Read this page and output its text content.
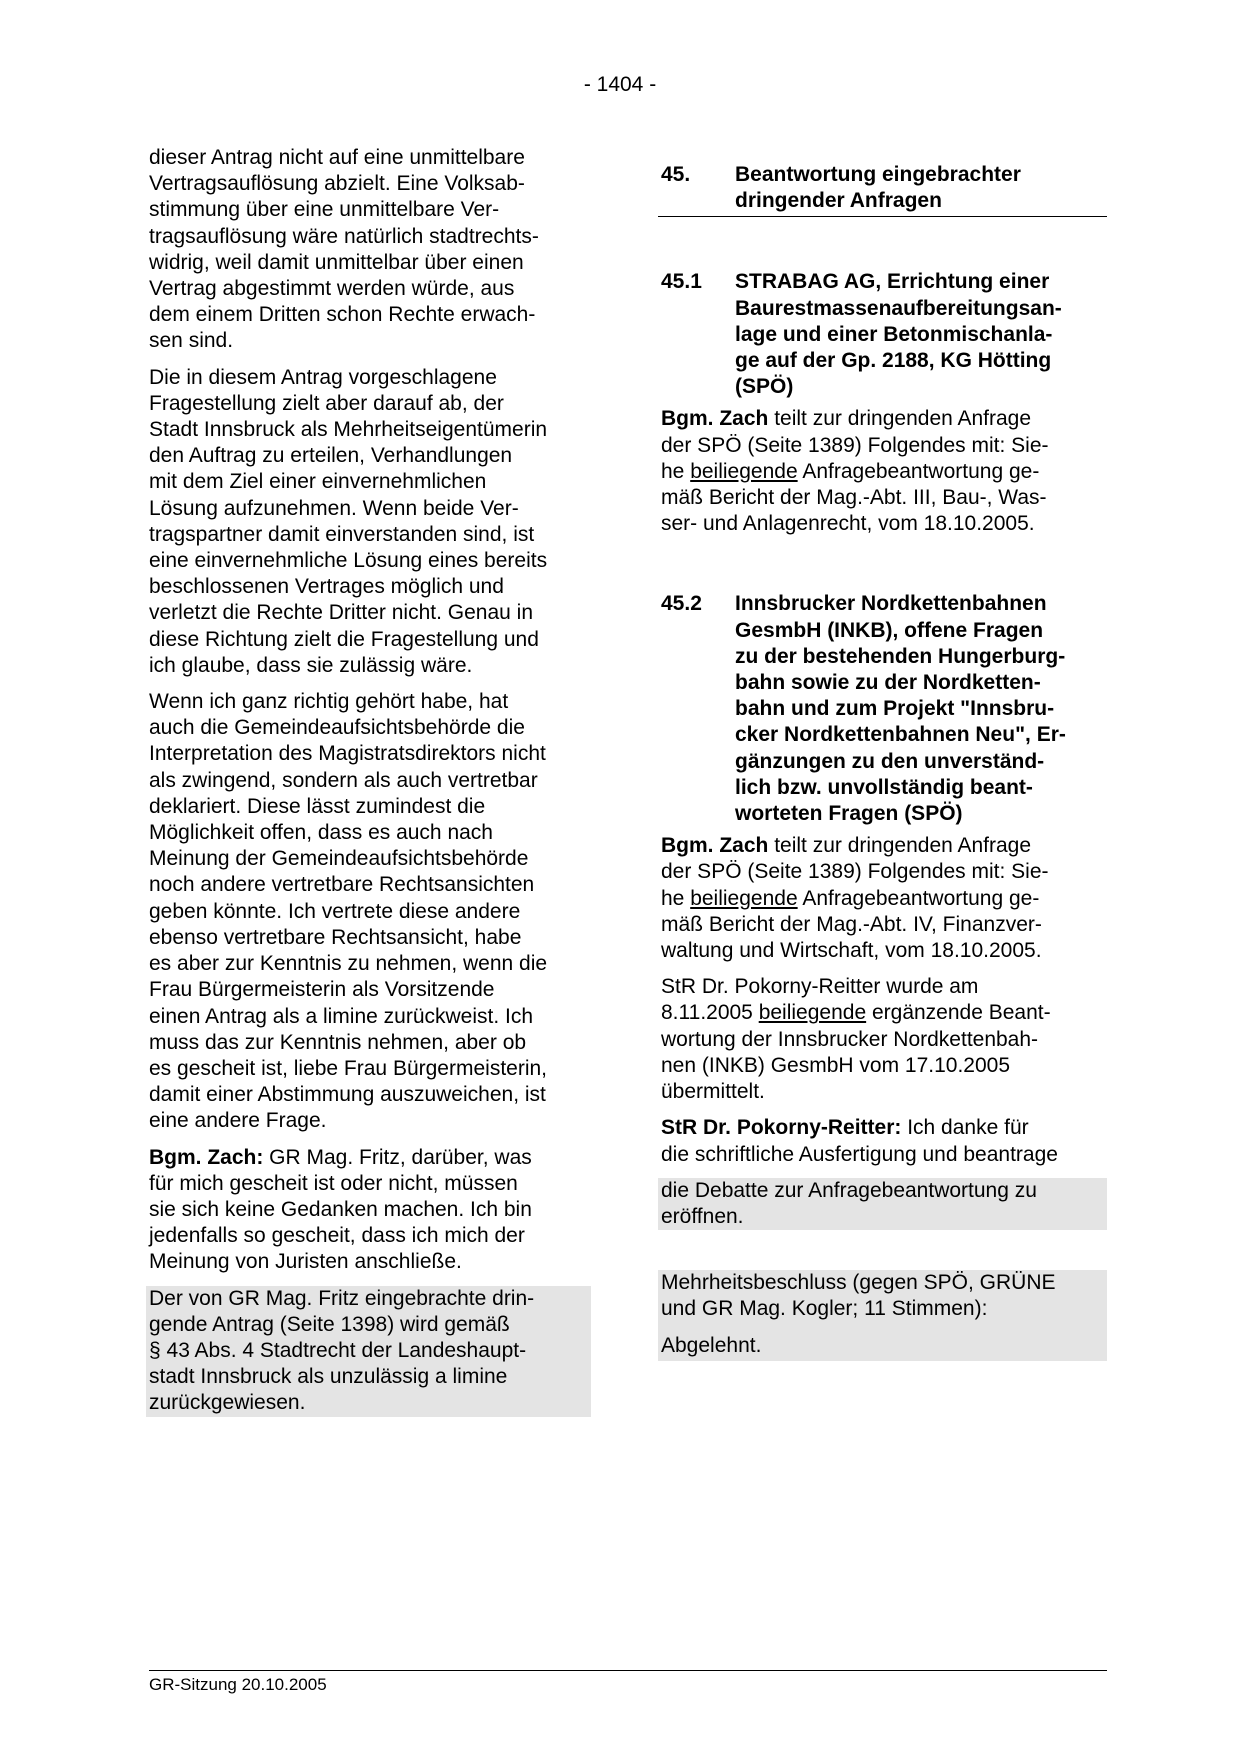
- 1404 -
dieser Antrag nicht auf eine unmittelbare
Vertragsauflösung abzielt. Eine Volksab-
stimmung über eine unmittelbare Ver-
tragsauflösung wäre natürlich stadtrechts-
widrig, weil damit unmittelbar über einen
Vertrag abgestimmt werden würde, aus
dem einem Dritten schon Rechte erwach-
sen sind.
Die in diesem Antrag vorgeschlagene
Fragestellung zielt aber darauf ab, der
Stadt Innsbruck als Mehrheitseigentümerin
den Auftrag zu erteilen, Verhandlungen
mit dem Ziel einer einvernehmlichen
Lösung aufzunehmen. Wenn beide Ver-
tragspartner damit einverstanden sind, ist
eine einvernehmliche Lösung eines bereits
beschlossenen Vertrages möglich und
verletzt die Rechte Dritter nicht. Genau in
diese Richtung zielt die Fragestellung und
ich glaube, dass sie zulässig wäre.
Wenn ich ganz richtig gehört habe, hat
auch die Gemeindeaufsichtsbehörde die
Interpretation des Magistratsdirektors nicht
als zwingend, sondern als auch vertretbar
deklariert. Diese lässt zumindest die
Möglichkeit offen, dass es auch nach
Meinung der Gemeindeaufsichtsbehörde
noch andere vertretbare Rechtsansichten
geben könnte. Ich vertrete diese andere
ebenso vertretbare Rechtsansicht, habe
es aber zur Kenntnis zu nehmen, wenn die
Frau Bürgermeisterin als Vorsitzende
einen Antrag als a limine zurückweist. Ich
muss das zur Kenntnis nehmen, aber ob
es gescheit ist, liebe Frau Bürgermeisterin,
damit einer Abstimmung auszuweichen, ist
eine andere Frage.
Bgm. Zach: GR Mag. Fritz, darüber, was
für mich gescheit ist oder nicht, müssen
sie sich keine Gedanken machen. Ich bin
jedenfalls so gescheit, dass ich mich der
Meinung von Juristen anschließe.
Der von GR Mag. Fritz eingebrachte drin-
gende Antrag (Seite 1398) wird gemäß
§ 43 Abs. 4 Stadtrecht der Landeshaupt-
stadt Innsbruck als unzulässig a limine
zurückgewiesen.
45.	Beantwortung eingebrachter
dringender Anfragen
45.1	STRABAG AG, Errichtung einer
Baurestmassenaufbereitungsan-
lage und einer Betonmischanla-
ge auf der Gp. 2188, KG Hötting
(SPÖ)
Bgm. Zach teilt zur dringenden Anfrage
der SPÖ (Seite 1389) Folgendes mit: Sie-
he beiliegende Anfragebeantwortung ge-
mäß Bericht der Mag.-Abt. III, Bau-, Was-
ser- und Anlagenrecht, vom 18.10.2005.
45.2	Innsbrucker Nordkettenbahnen
GesmbH (INKB), offene Fragen
zu der bestehenden Hungerburg-
bahn sowie zu der Nordketten-
bahn und zum Projekt "Innsbru-
cker Nordkettenbahnen Neu", Er-
gänzungen zu den unverständ-
lich bzw. unvollständig beant-
worteten Fragen (SPÖ)
Bgm. Zach teilt zur dringenden Anfrage
der SPÖ (Seite 1389) Folgendes mit: Sie-
he beiliegende Anfragebeantwortung ge-
mäß Bericht der Mag.-Abt. IV, Finanzver-
waltung und Wirtschaft, vom 18.10.2005.
StR Dr. Pokorny-Reitter wurde am
8.11.2005 beiliegende ergänzende Beant-
wortung der Innsbrucker Nordkettenbah-
nen (INKB) GesmbH vom 17.10.2005
übermittelt.
StR Dr. Pokorny-Reitter: Ich danke für
die schriftliche Ausfertigung und beantrage
die Debatte zur Anfragebeantwortung zu
eröffnen.
Mehrheitsbeschluss (gegen SPÖ, GRÜNE
und GR Mag. Kogler; 11 Stimmen):
Abgelehnt.
GR-Sitzung 20.10.2005
